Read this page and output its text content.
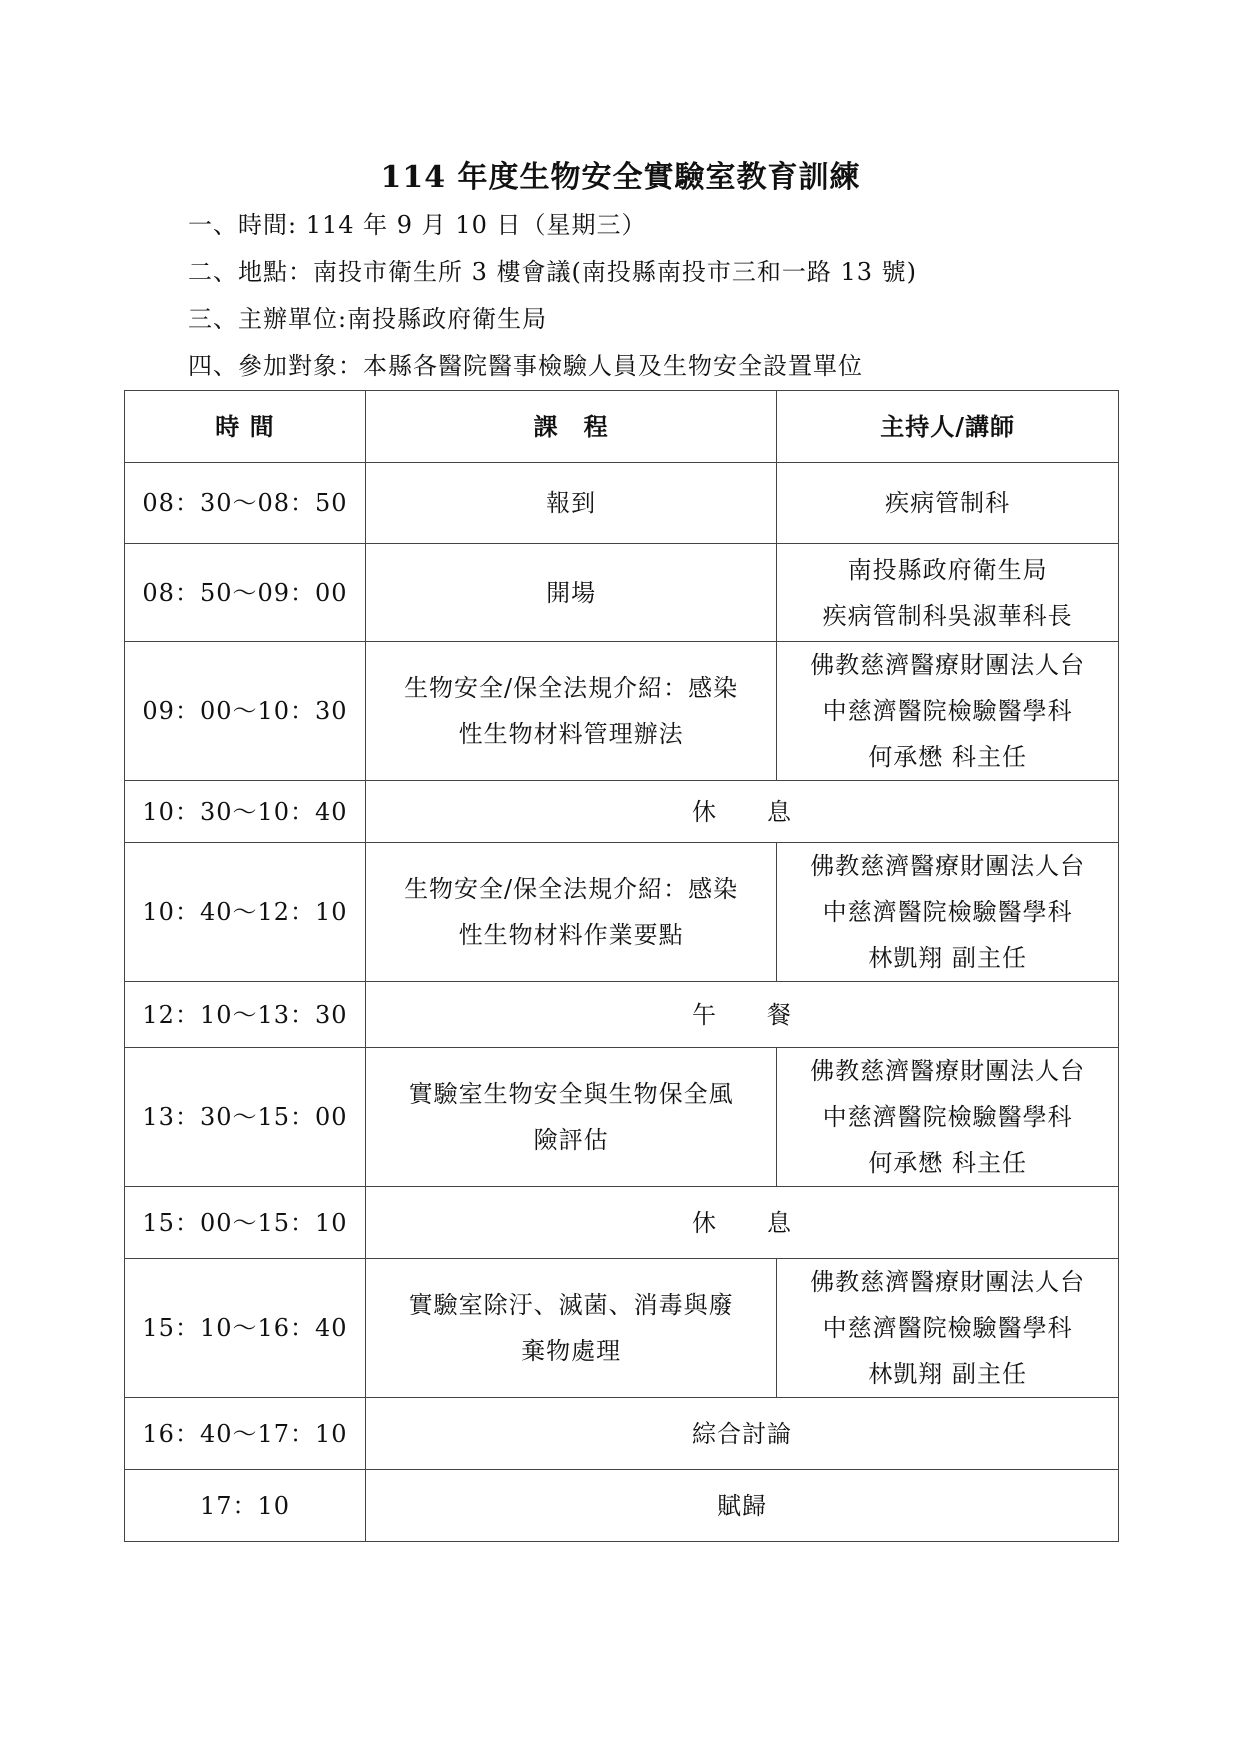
114 年度生物安全實驗室教育訓練
一、時間: 114 年 9 月 10 日（星期三）
二、地點：南投市衛生所 3 樓會議(南投縣南投市三和一路 13 號)
三、主辦單位:南投縣政府衛生局
四、參加對象：本縣各醫院醫事檢驗人員及生物安全設置單位
時 間	課　程	主持人/講師
08：30～08：50	報到	疾病管制科

08：50～09：00	開場	南投縣政府衛生局
疾病管制科吳淑華科長

09：00～10：30	生物安全/保全法規介紹：感染
性生物材料管理辦法	佛教慈濟醫療財團法人台
中慈濟醫院檢驗醫學科
何承懋 科主任

10：30～10：40	休　　息	
10：40～12：10	生物安全/保全法規介紹：感染
性生物材料作業要點	佛教慈濟醫療財團法人台
中慈濟醫院檢驗醫學科
林凱翔 副主任

12：10～13：30	午　　餐	
13：30～15：00	實驗室生物安全與生物保全風
險評估	佛教慈濟醫療財團法人台
中慈濟醫院檢驗醫學科
何承懋 科主任

15：00～15：10	休　　息	
15：10～16：40	實驗室除汙、滅菌、消毒與廢
棄物處理	佛教慈濟醫療財團法人台
中慈濟醫院檢驗醫學科
林凱翔 副主任

16：40～17：10	綜合討論	
17：10	賦歸	
